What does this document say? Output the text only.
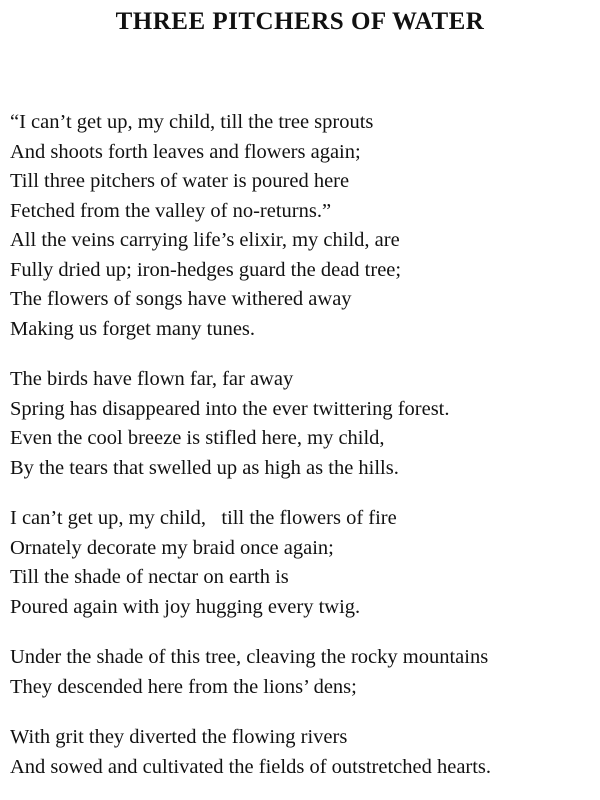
THREE PITCHERS OF WATER
“I can’t get up, my child, till the tree sprouts
And shoots forth leaves and flowers again;
Till three pitchers of water is poured here
Fetched from the valley of no-returns.”
All the veins carrying life’s elixir, my child, are
Fully dried up; iron-hedges guard the dead tree;
The flowers of songs have withered away
Making us forget many tunes.
The birds have flown far, far away
Spring has disappeared into the ever twittering forest.
Even the cool breeze is stifled here, my child,
By the tears that swelled up as high as the hills.
I can’t get up, my child,   till the flowers of fire
Ornately decorate my braid once again;
Till the shade of nectar on earth is
Poured again with joy hugging every twig.
Under the shade of this tree, cleaving the rocky mountains
They descended here from the lions’ dens;
With grit they diverted the flowing rivers
And sowed and cultivated the fields of outstretched hearts.
